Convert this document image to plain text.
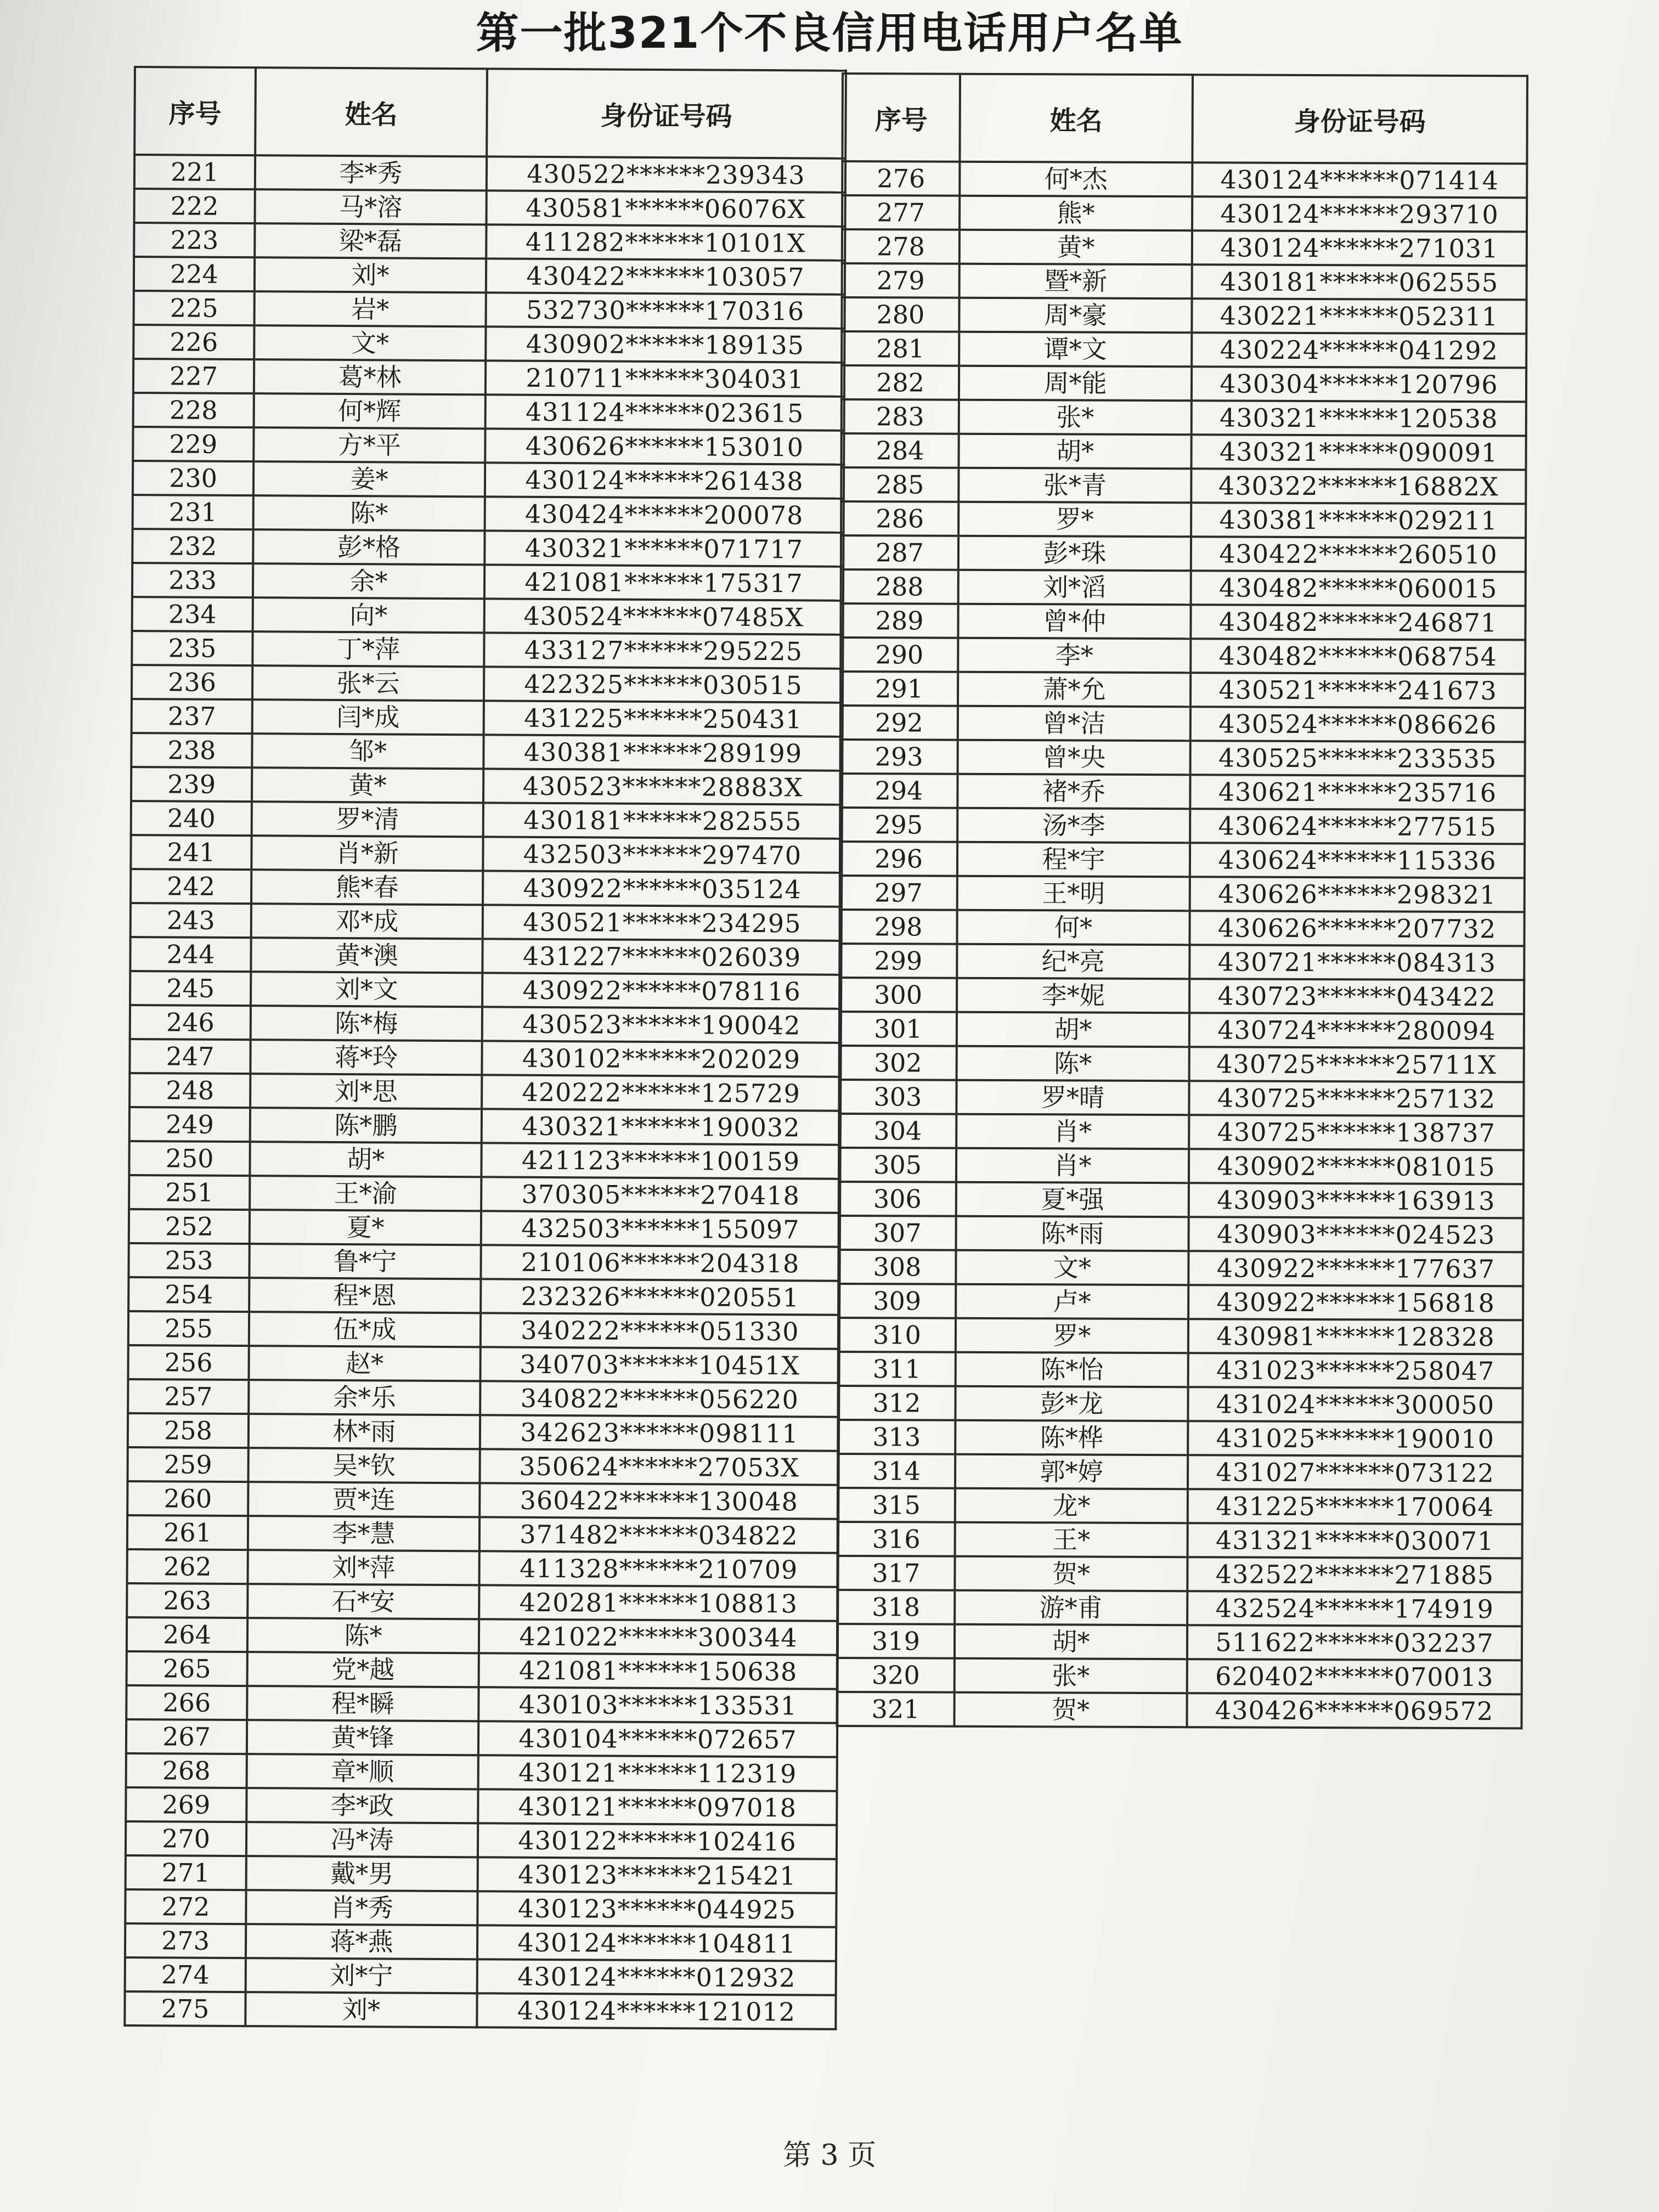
第一批321个不良信用电话用户名单
序号	姓名	身份证号码
221	李*秀	430522******239343
222	马*溶	430581******06076X
223	梁*磊	411282******10101X
224	刘*	430422******103057
225	岩*	532730******170316
226	文*	430902******189135
227	葛*林	210711******304031
228	何*辉	431124******023615
229	方*平	430626******153010
230	姜*	430124******261438
231	陈*	430424******200078
232	彭*格	430321******071717
233	余*	421081******175317
234	向*	430524******07485X
235	丁*萍	433127******295225
236	张*云	422325******030515
237	闫*成	431225******250431
238	邹*	430381******289199
239	黄*	430523******28883X
240	罗*清	430181******282555
241	肖*新	432503******297470
242	熊*春	430922******035124
243	邓*成	430521******234295
244	黄*澳	431227******026039
245	刘*文	430922******078116
246	陈*梅	430523******190042
247	蒋*玲	430102******202029
248	刘*思	420222******125729
249	陈*鹏	430321******190032
250	胡*	421123******100159
251	王*渝	370305******270418
252	夏*	432503******155097
253	鲁*宁	210106******204318
254	程*恩	232326******020551
255	伍*成	340222******051330
256	赵*	340703******10451X
257	余*乐	340822******056220
258	林*雨	342623******098111
259	吴*钦	350624******27053X
260	贾*连	360422******130048
261	李*慧	371482******034822
262	刘*萍	411328******210709
263	石*安	420281******108813
264	陈*	421022******300344
265	党*越	421081******150638
266	程*瞬	430103******133531
267	黄*锋	430104******072657
268	章*顺	430121******112319
269	李*政	430121******097018
270	冯*涛	430122******102416
271	戴*男	430123******215421
272	肖*秀	430123******044925
273	蒋*燕	430124******104811
274	刘*宁	430124******012932
275	刘*	430124******121012
序号	姓名	身份证号码
276	何*杰	430124******071414
277	熊*	430124******293710
278	黄*	430124******271031
279	暨*新	430181******062555
280	周*豪	430221******052311
281	谭*文	430224******041292
282	周*能	430304******120796
283	张*	430321******120538
284	胡*	430321******090091
285	张*青	430322******16882X
286	罗*	430381******029211
287	彭*珠	430422******260510
288	刘*滔	430482******060015
289	曾*仲	430482******246871
290	李*	430482******068754
291	萧*允	430521******241673
292	曾*洁	430524******086626
293	曾*央	430525******233535
294	褚*乔	430621******235716
295	汤*李	430624******277515
296	程*宇	430624******115336
297	王*明	430626******298321
298	何*	430626******207732
299	纪*亮	430721******084313
300	李*妮	430723******043422
301	胡*	430724******280094
302	陈*	430725******25711X
303	罗*晴	430725******257132
304	肖*	430725******138737
305	肖*	430902******081015
306	夏*强	430903******163913
307	陈*雨	430903******024523
308	文*	430922******177637
309	卢*	430922******156818
310	罗*	430981******128328
311	陈*怡	431023******258047
312	彭*龙	431024******300050
313	陈*桦	431025******190010
314	郭*婷	431027******073122
315	龙*	431225******170064
316	王*	431321******030071
317	贺*	432522******271885
318	游*甫	432524******174919
319	胡*	511622******032237
320	张*	620402******070013
321	贺*	430426******069572
第 3 页
